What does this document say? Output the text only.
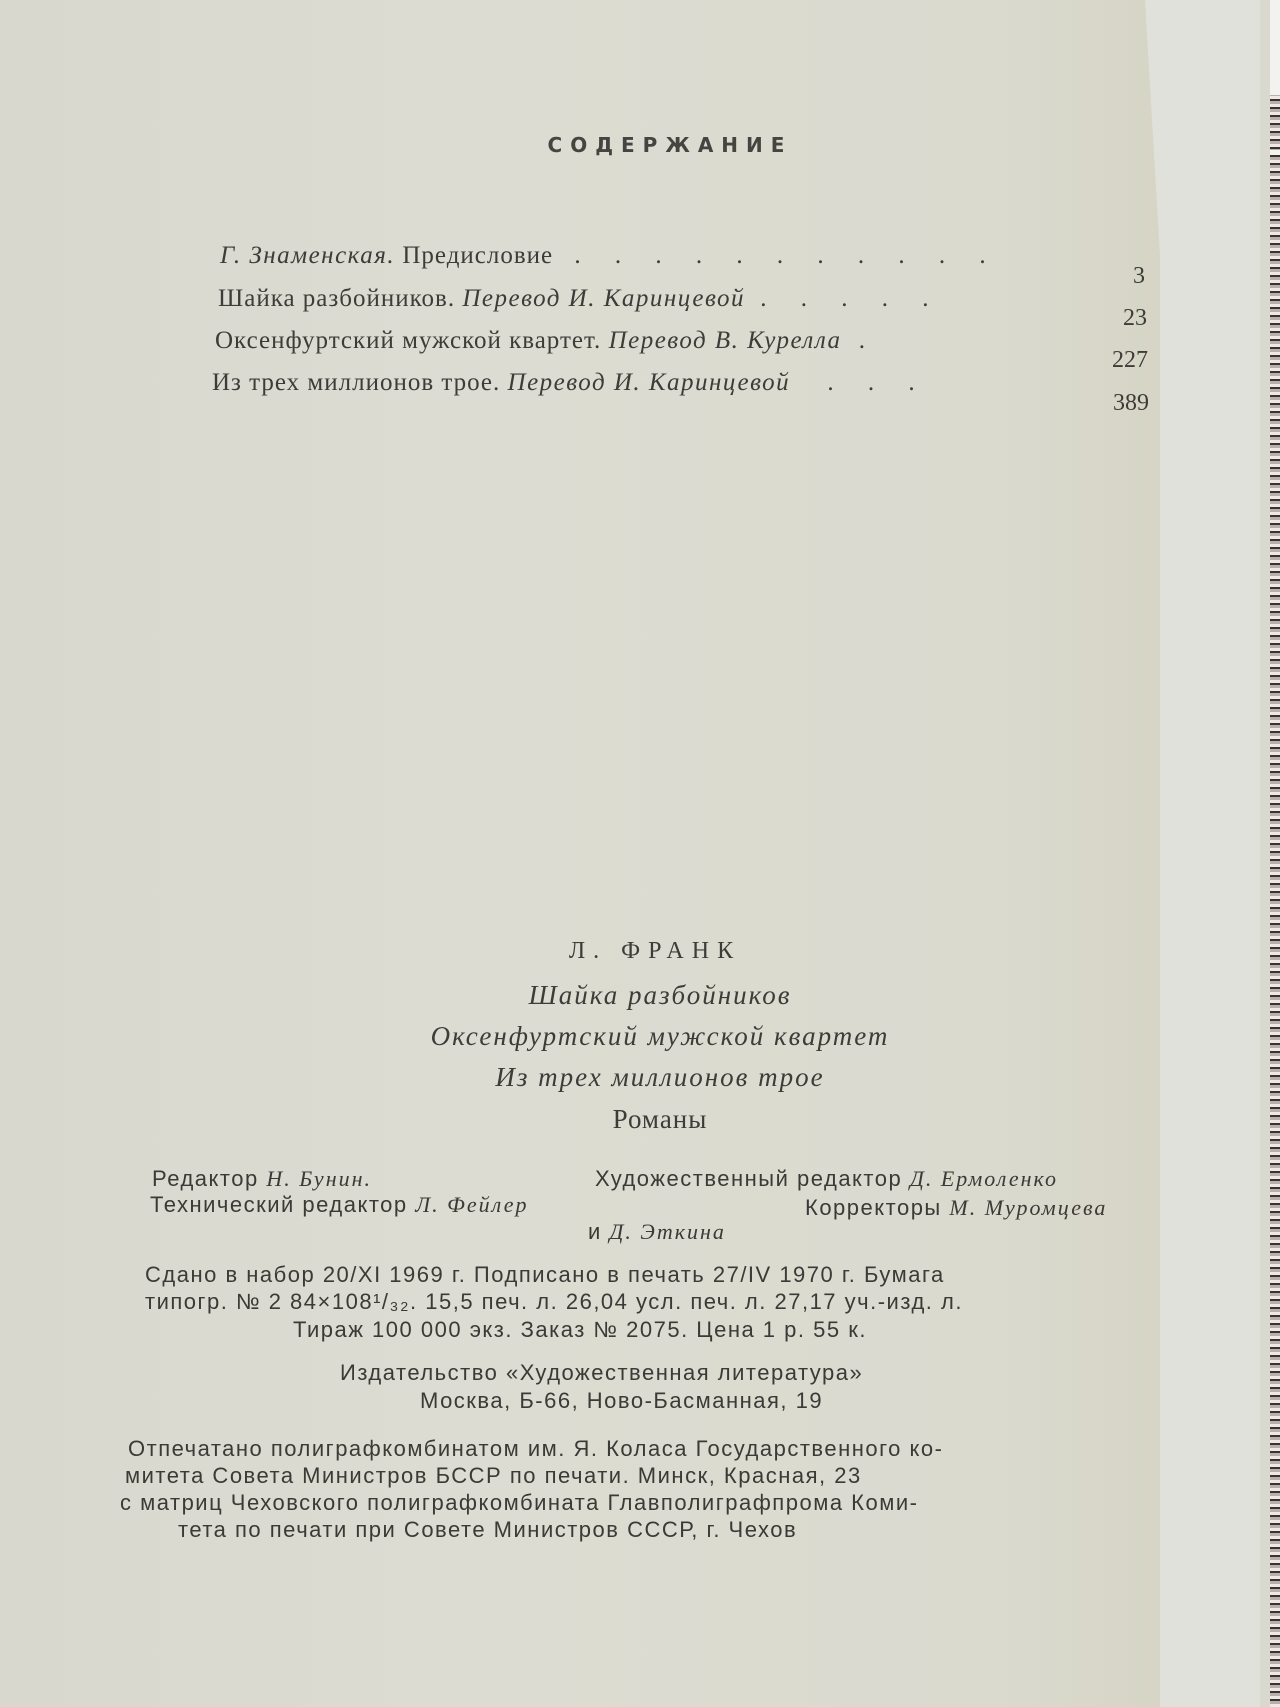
СОДЕРЖАНИЕ
Г. Знаменская. Предисловие . . . . . . . . . . .
3
Шайка разбойников. Перевод И. Каринцевой . . . . .
23
Оксенфуртский мужской квартет. Перевод В. Курелла .
227
Из трех миллионов трое. Перевод И. Каринцевой . . .
389
Л. ФРАНК
Шайка разбойников
Оксенфуртский мужской квартет
Из трех миллионов трое
Романы
Редактор Н. Бунин.	Художественный редактор Д. Ермоленко
Технический редактор Л. Фейлер	Корректоры М. Муромцева
и Д. Эткина
Сдано в набор 20/XI 1969 г. Подписано в печать 27/IV 1970 г. Бумага
типогр. № 2 84×108¹/₃₂. 15,5 печ. л. 26,04 усл. печ. л. 27,17 уч.-изд. л.
Тираж 100 000 экз. Заказ № 2075. Цена 1 р. 55 к.
Издательство «Художественная литература»
Москва, Б-66, Ново-Басманная, 19
Отпечатано полиграфкомбинатом им. Я. Коласа Государственного ко-
митета Совета Министров БССР по печати. Минск, Красная, 23
с матриц Чеховского полиграфкомбината Главполиграфпрома Коми-
тета по печати при Совете Министров СССР, г. Чехов
